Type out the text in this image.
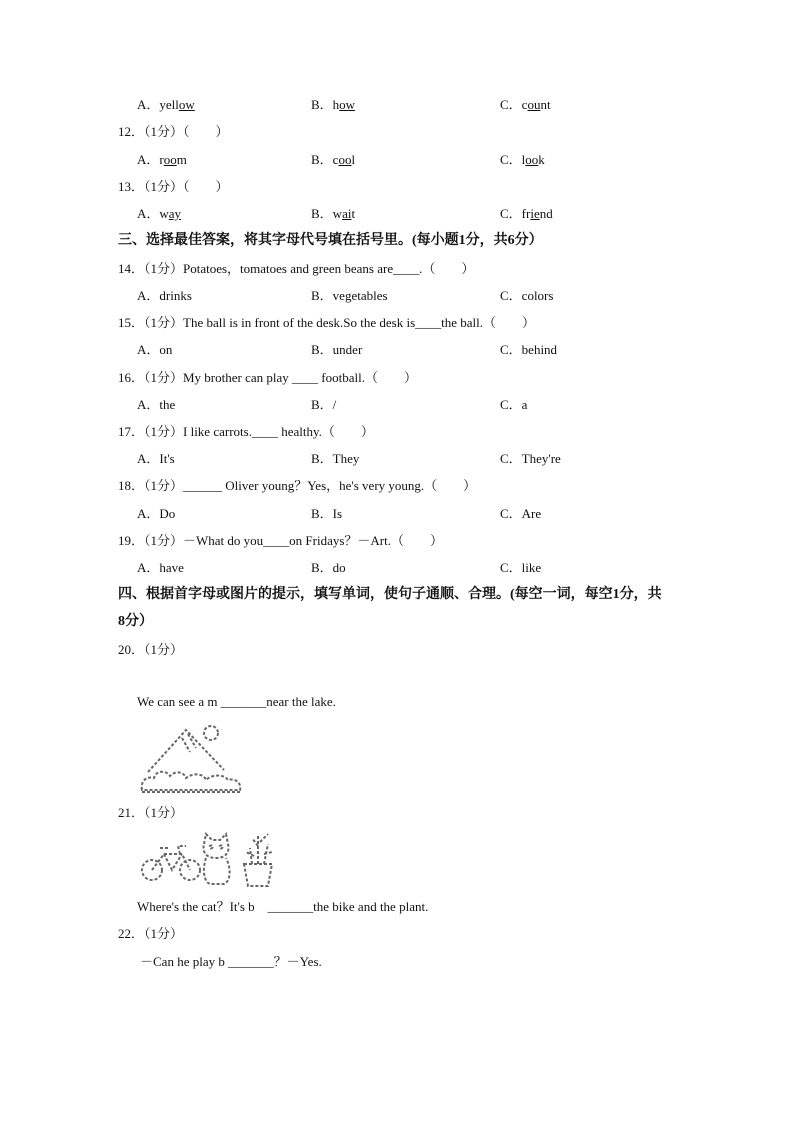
A．yellow	B．how	C．count
12．（1分）（　　）
A．room	B．cool	C．look
13．（1分）（　　）
A．way	B．wait	C．friend
三、选择最佳答案，将其字母代号填在括号里。(每小题1分，共6分）
14．（1分）Potatoes，tomatoes and green beans are____.（　　）
A．drinks	B．vegetables	C．colors
15．（1分）The ball is in front of the desk.So the desk is____the ball.（　　）
A．on	B．under	C．behind
16．（1分）My brother can play ____ football.（　　）
A．the	B．/	C．a
17．（1分）I like carrots.____ healthy.（　　）
A．It's	B．They	C．They're
18．（1分）______ Oliver young？Yes，he's very young.（　　）
A．Do	B．Is	C．Are
19．（1分）－What do you____on Fridays？－Art.（　　）
A．have	B．do	C．like
四、根据首字母或图片的提示，填写单词，使句子通顺、合理。(每空一词，每空1分，共
8分）
20．（1分）
We can see a m _______near the lake.
21．（1分）
Where's the cat？It's b　_______the bike and the plant.
22．（1分）
－Can he play b _______？－Yes.
